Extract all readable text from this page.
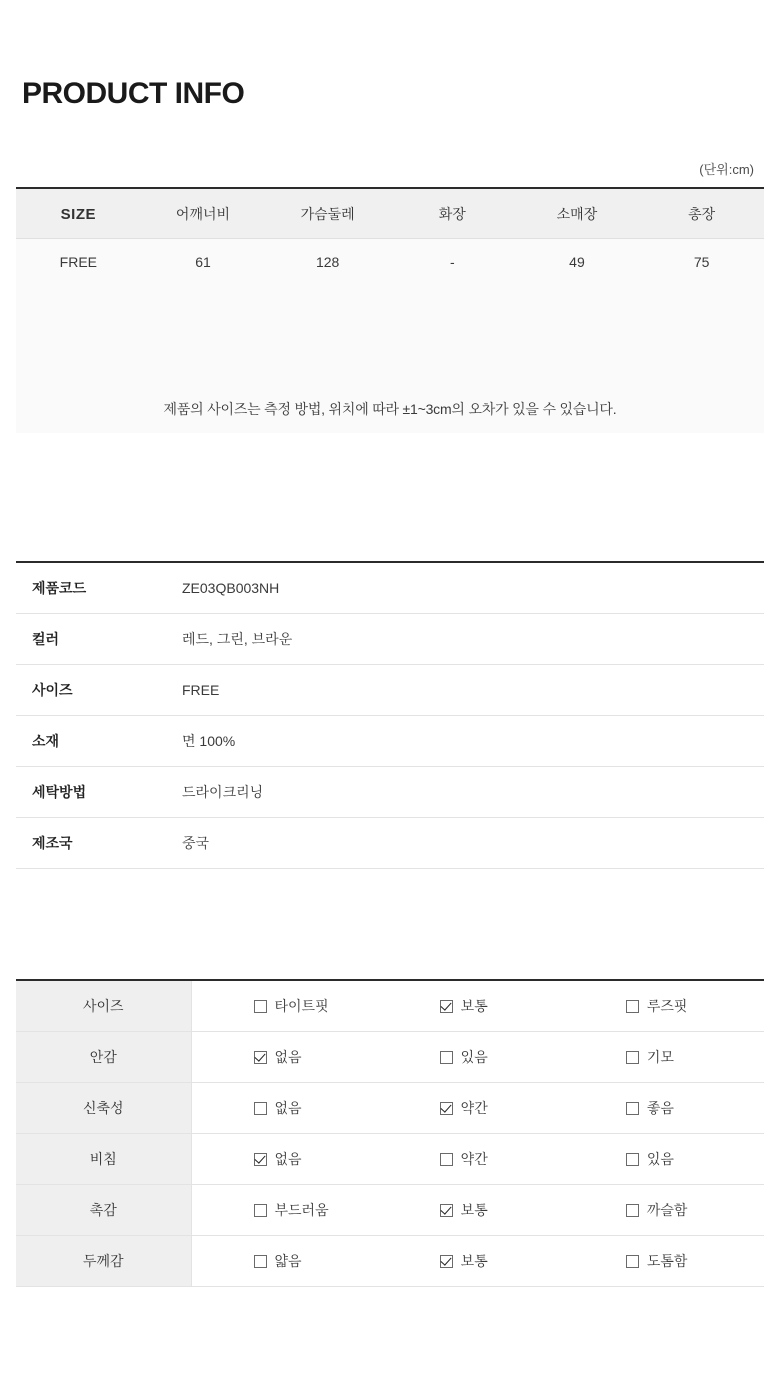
PRODUCT INFO
(단위:cm)
SIZE	어깨너비	가슴둘레	화장	소매장	총장
FREE	61	128	-	49	75

제품의 사이즈는 측정 방법, 위치에 따라 ±1~3cm의 오차가 있을 수 있습니다.					
제품코드	ZE03QB003NH
컬러	레드, 그린, 브라운
사이즈	FREE
소재	면 100%
세탁방법	드라이크리닝
제조국	중국
사이즈	타이트핏 보통 루즈핏

안감	없음 있음 기모

신축성	없음 약간 좋음

비침	없음 약간 있음

촉감	부드러움 보통 까슬함

두께감	얇음 보통 도톰함
